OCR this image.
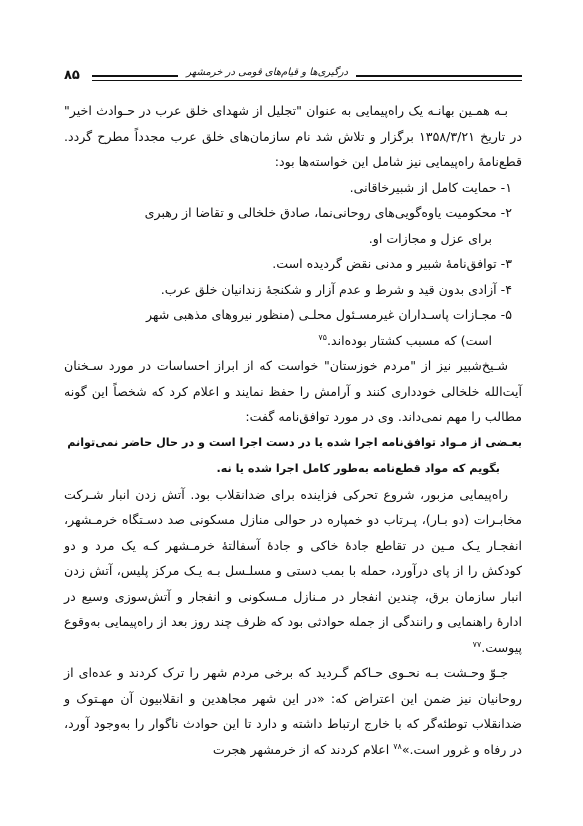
۸۵	درگیری‌ها و قیام‌های قومی در خرمشهر

بـه همـین بهانـه یک راه‌پیمایی به عنوان "تجلیل از شهدای خلق عرب در حـوادث اخیر" در تاریخ ۱۳۵۸/۳/۲۱ برگزار و تلاش شد نام سازمان‌های خلق عرب مجدداً مطرح گردد. قطع‌نامۀ راه‌پیمایی نیز شامل این خواسته‌ها بود:

۱- حمایت کامل از شبیرخاقانی.

۲- محکومیت یاوه‌گویی‌های روحانی‌نما، صادق خلخالی و تقاضا از رهبری
برای عزل و مجازات او.

۳- توافق‌نامۀ شبیر و مدنی نقض گردیده است.

۴- آزادی بدون قید و شرط و عدم آزار و شکنجۀ زندانیان خلق عرب.

۵- مجـازات پاسـداران غیرمسـئول محلـی (منظور نیروهای مذهبی شهر
است) که مسبب کشتار بوده‌اند.$^{۷۵}$

شـیخ‌شبیر نیز از "مردم خوزستان" خواست که از ابراز احساسات در مورد سـخنان آیت‌الله خلخالی خودداری کنند و آرامش را حفظ نمایند و اعلام کرد که شخصاً این گونه مطالب را مهم نمی‌داند. وی در مورد توافق‌نامه گفت:

بعـضی از مـواد توافق‌نامه اجرا شده یا در دست اجرا است و در حال حاضر نمی‌توانم
بگویم که مواد قطع‌نامه به‌طور کامل اجرا شده یا نه.

راه‌پیمایی مزبور، شروع تحرکی فزاینده برای ضدانقلاب بود. آتش زدن انبار شـرکت مخابـرات (دو بـار)، پـرتاب دو خمپاره در حوالی منازل مسکونی صد دسـتگاه خرمـشهر، انفجـار یـک مـین در تقاطع جادۀ خاکی و جادۀ آسفالتۀ خرمـشهر کـه یک مرد و دو کودکش را از پای درآورد، حمله با بمب دستی و مسلـسل بـه یـک مرکز پلیس، آتش زدن انبار سازمان برق، چندین انفجار در مـنازل مـسکونی و انفجار و آتش‌سوزی وسیع در ادارۀ راهنمایی و رانندگی از جمله حوادثی بود که ظرف چند روز بعد از راه‌پیمایی به‌وقوع پیوست.$^{۷۷}$

جـوّ وحـشت بـه نحـوی حـاکم گـردید که برخی مردم شهر را ترک کردند و عده‌ای از روحانیان نیز ضمن این اعتراض که: «در این شهر مجاهدین و انقلابیون آن مهـتوک و ضدانقلاب توطئه‌گر که با خارج ارتباط داشته و دارد تا این حوادث ناگوار را به‌وجود آورد، در رفاه و غرور است.»$^{۷۸}$ اعلام کردند که از خرمشهر هجرت
